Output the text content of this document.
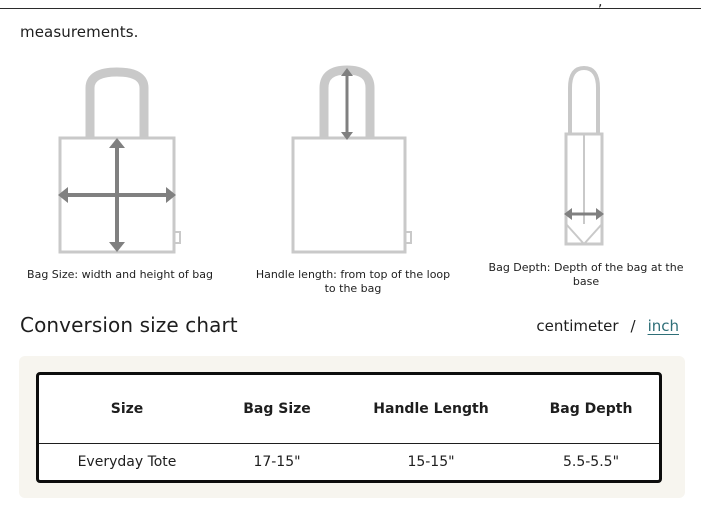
,
measurements.
Bag Size: width and height of bag	Handle length: from top of the loop to the bag
Bag Depth: Depth of the bag at the base
Conversion size chart	centimeter / inch
Size	Bag Size	Handle Length	Bag Depth
Everyday Tote	17-15"	15-15"	5.5-5.5"
